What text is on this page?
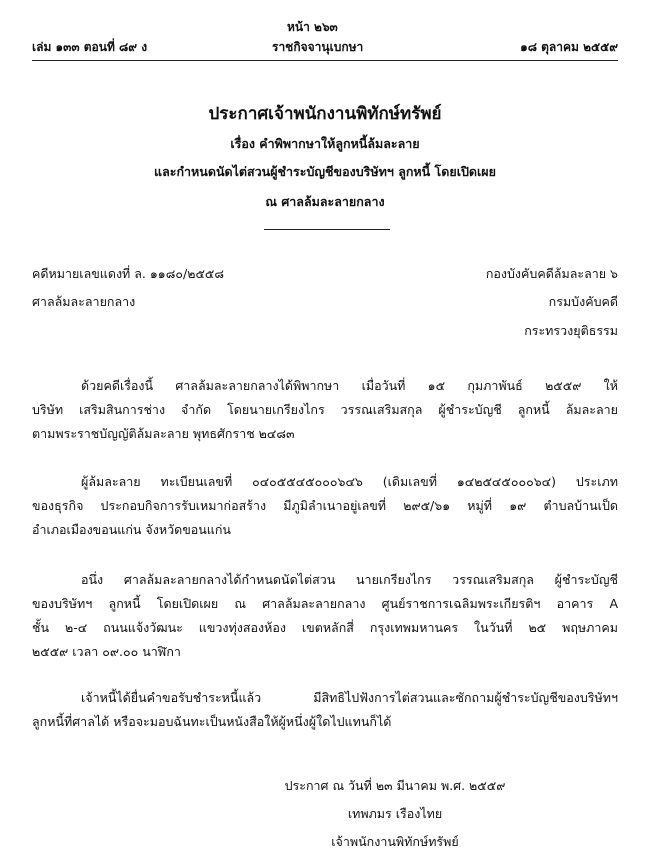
หน้า ๒๖๓
เล่ม ๑๓๓ ตอนที่ ๘๙ ง	ราชกิจจานุเบกษา	๑๘ ตุลาคม ๒๕๕๙
ประกาศเจ้าพนักงานพิทักษ์ทรัพย์
เรื่อง คำพิพากษาให้ลูกหนี้ล้มละลาย
และกำหนดนัดไต่สวนผู้ชำระบัญชีของบริษัทฯ ลูกหนี้ โดยเปิดเผย
ณ ศาลล้มละลายกลาง
คดีหมายเลขแดงที่ ล. ๑๑๘๐/๒๕๕๘
ศาลล้มละลายกลาง
กองบังคับคดีล้มละลาย ๖
กรมบังคับคดี
กระทรวงยุติธรรม
ด้วยคดีเรื่องนี้ ศาลล้มละลายกลางได้พิพากษา เมื่อวันที่ ๑๕ กุมภาพันธ์ ๒๕๕๙ ให้
บริษัท เสริมสินการช่าง จำกัด โดยนายเกรียงไกร วรรณเสริมสกุล ผู้ชำระบัญชี ลูกหนี้ ล้มละลาย
ตามพระราชบัญญัติล้มละลาย พุทธศักราช ๒๔๘๓
ผู้ล้มละลาย ทะเบียนเลขที่ ๐๔๐๕๕๔๕๐๐๐๖๔๖ (เดิมเลขที่ ๑๔๒๕๔๕๐๐๐๖๔) ประเภท
ของธุรกิจ ประกอบกิจการรับเหมาก่อสร้าง มีภูมิลำเนาอยู่เลขที่ ๒๙๕/๖๑ หมู่ที่ ๑๙ ตำบลบ้านเป็ด
อำเภอเมืองขอนแก่น จังหวัดขอนแก่น
อนึ่ง ศาลล้มละลายกลางได้กำหนดนัดไต่สวน นายเกรียงไกร วรรณเสริมสกุล ผู้ชำระบัญชี
ของบริษัทฯ ลูกหนี้ โดยเปิดเผย ณ ศาลล้มละลายกลาง ศูนย์ราชการเฉลิมพระเกียรติฯ อาคาร A
ชั้น ๒-๔ ถนนแจ้งวัฒนะ แขวงทุ่งสองห้อง เขตหลักสี่ กรุงเทพมหานคร ในวันที่ ๒๕ พฤษภาคม
๒๕๕๙ เวลา ๐๙.๐๐ นาฬิกา
เจ้าหนี้ได้ยื่นคำขอรับชำระหนี้แล้ว มีสิทธิไปฟังการไต่สวนและซักถามผู้ชำระบัญชีของบริษัทฯ
ลูกหนี้ที่ศาลได้ หรือจะมอบฉันทะเป็นหนังสือให้ผู้หนึ่งผู้ใดไปแทนก็ได้
ประกาศ ณ วันที่ ๒๓ มีนาคม พ.ศ. ๒๕๕๙
เทพภมร เรืองไทย
เจ้าพนักงานพิทักษ์ทรัพย์
